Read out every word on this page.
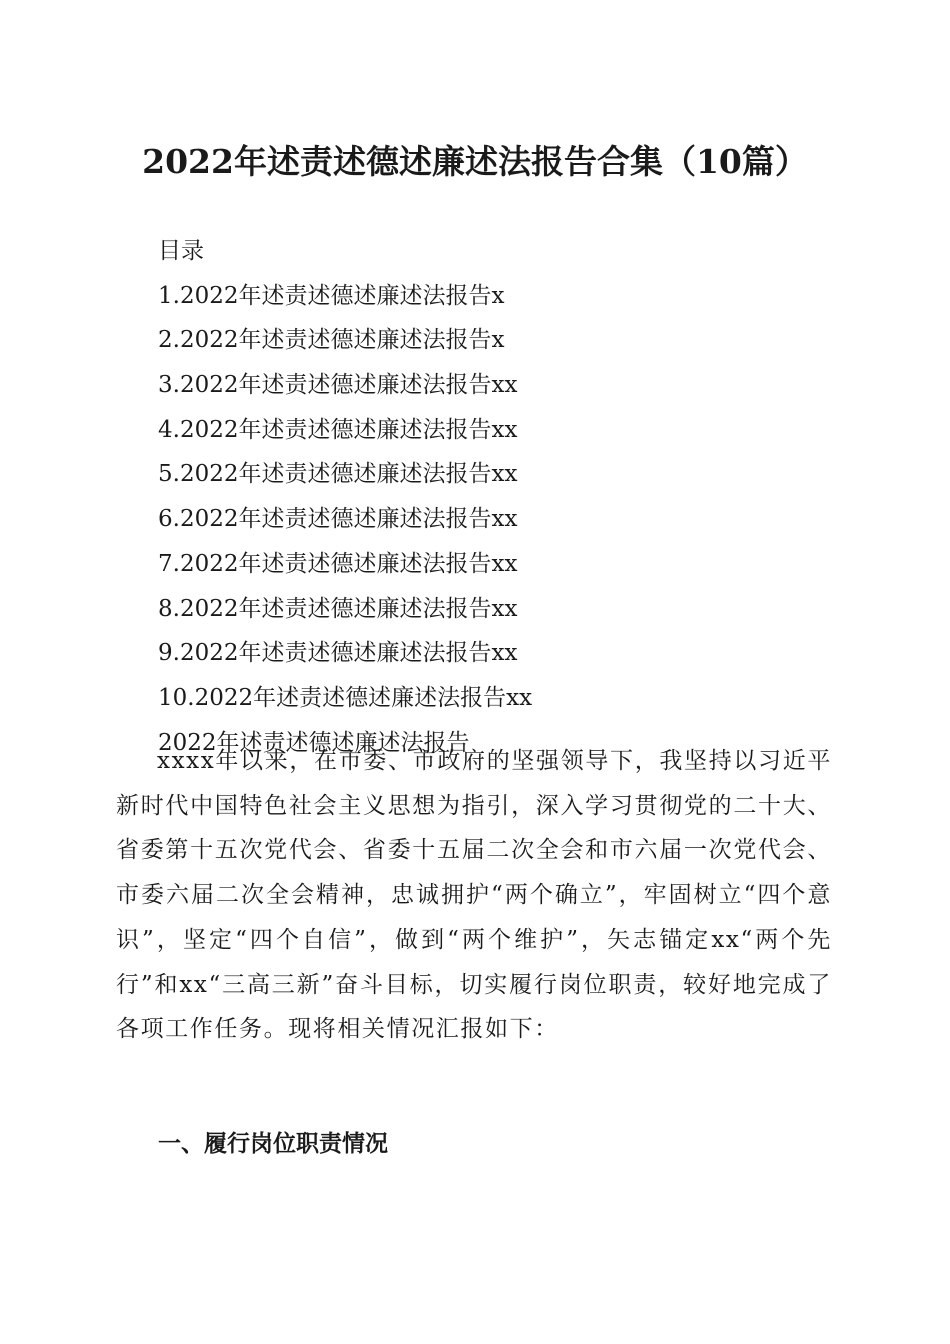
2022年述责述德述廉述法报告合集（10篇）
目录
1.2022年述责述德述廉述法报告x
2.2022年述责述德述廉述法报告x
3.2022年述责述德述廉述法报告xx
4.2022年述责述德述廉述法报告xx
5.2022年述责述德述廉述法报告xx
6.2022年述责述德述廉述法报告xx
7.2022年述责述德述廉述法报告xx
8.2022年述责述德述廉述法报告xx
9.2022年述责述德述廉述法报告xx
10.2022年述责述德述廉述法报告xx
2022年述责述德述廉述法报告

xxxx年以来，在市委、市政府的坚强领导下，我坚持以习近平新时代中国特色社会主义思想为指引，深入学习贯彻党的二十大、省委第十五次党代会、省委十五届二次全会和市六届一次党代会、市委六届二次全会精神，忠诚拥护“两个确立”，牢固树立“四个意识”，坚定“四个自信”，做到“两个维护”，矢志锚定xx“两个先行”和xx“三高三新”奋斗目标，切实履行岗位职责，较好地完成了各项工作任务。现将相关情况汇报如下：

一、履行岗位职责情况
